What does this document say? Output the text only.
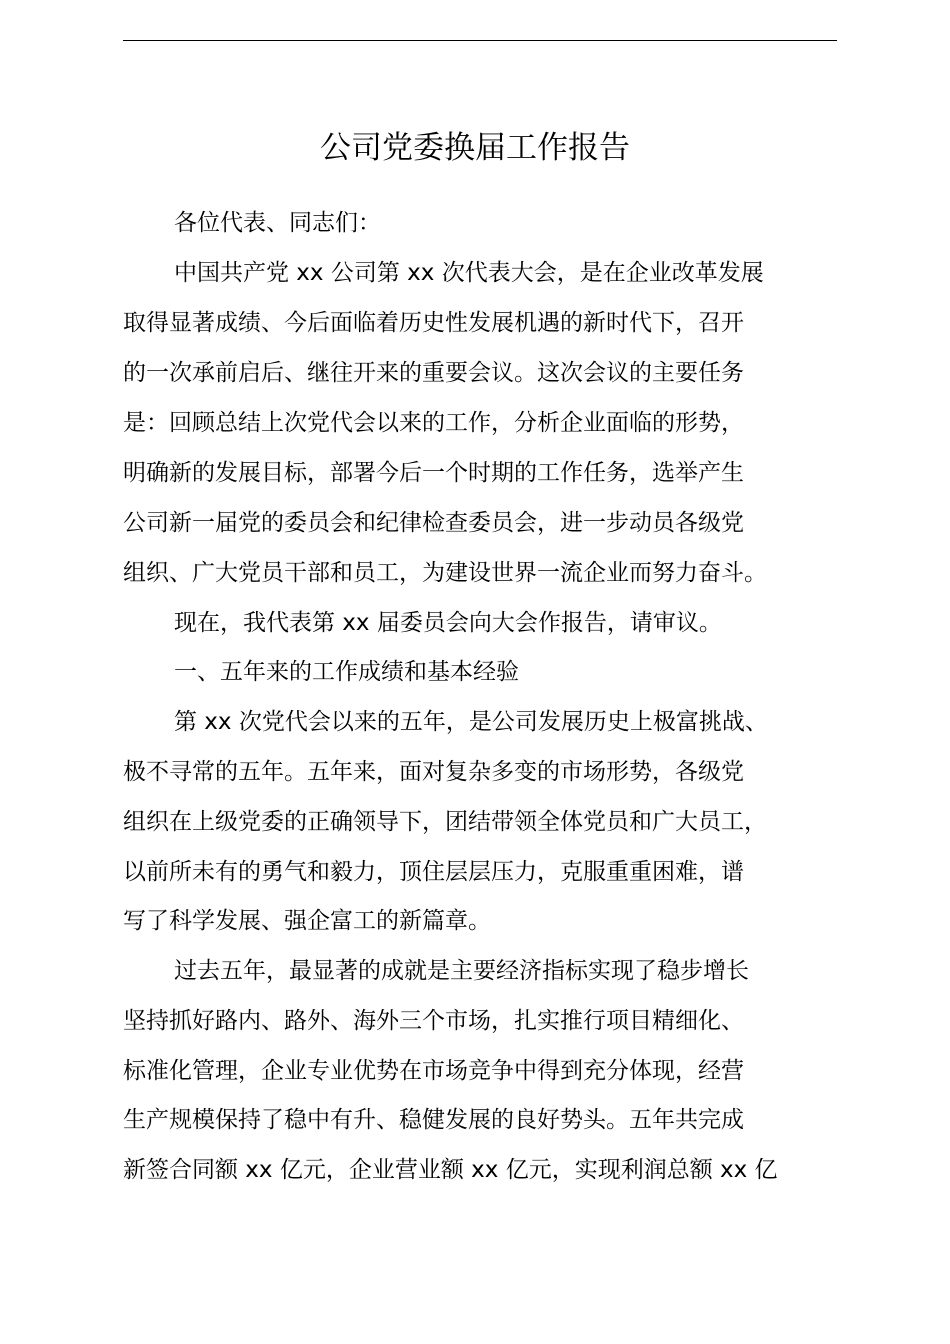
公司党委换届工作报告
各位代表、同志们：
中国共产党 xx 公司第 xx 次代表大会，是在企业改革发展
取得显著成绩、今后面临着历史性发展机遇的新时代下，召开
的一次承前启后、继往开来的重要会议。这次会议的主要任务
是：回顾总结上次党代会以来的工作，分析企业面临的形势，
明确新的发展目标，部署今后一个时期的工作任务，选举产生
公司新一届党的委员会和纪律检查委员会，进一步动员各级党
组织、广大党员干部和员工，为建设世界一流企业而努力奋斗。
现在，我代表第 xx 届委员会向大会作报告，请审议。
一、五年来的工作成绩和基本经验
第 xx 次党代会以来的五年，是公司发展历史上极富挑战、
极不寻常的五年。五年来，面对复杂多变的市场形势，各级党
组织在上级党委的正确领导下，团结带领全体党员和广大员工，
以前所未有的勇气和毅力，顶住层层压力，克服重重困难，谱
写了科学发展、强企富工的新篇章。
过去五年，最显著的成就是主要经济指标实现了稳步增长
坚持抓好路内、路外、海外三个市场，扎实推行项目精细化、
标准化管理，企业专业优势在市场竞争中得到充分体现，经营
生产规模保持了稳中有升、稳健发展的良好势头。五年共完成
新签合同额 xx 亿元，企业营业额 xx 亿元，实现利润总额 xx 亿
